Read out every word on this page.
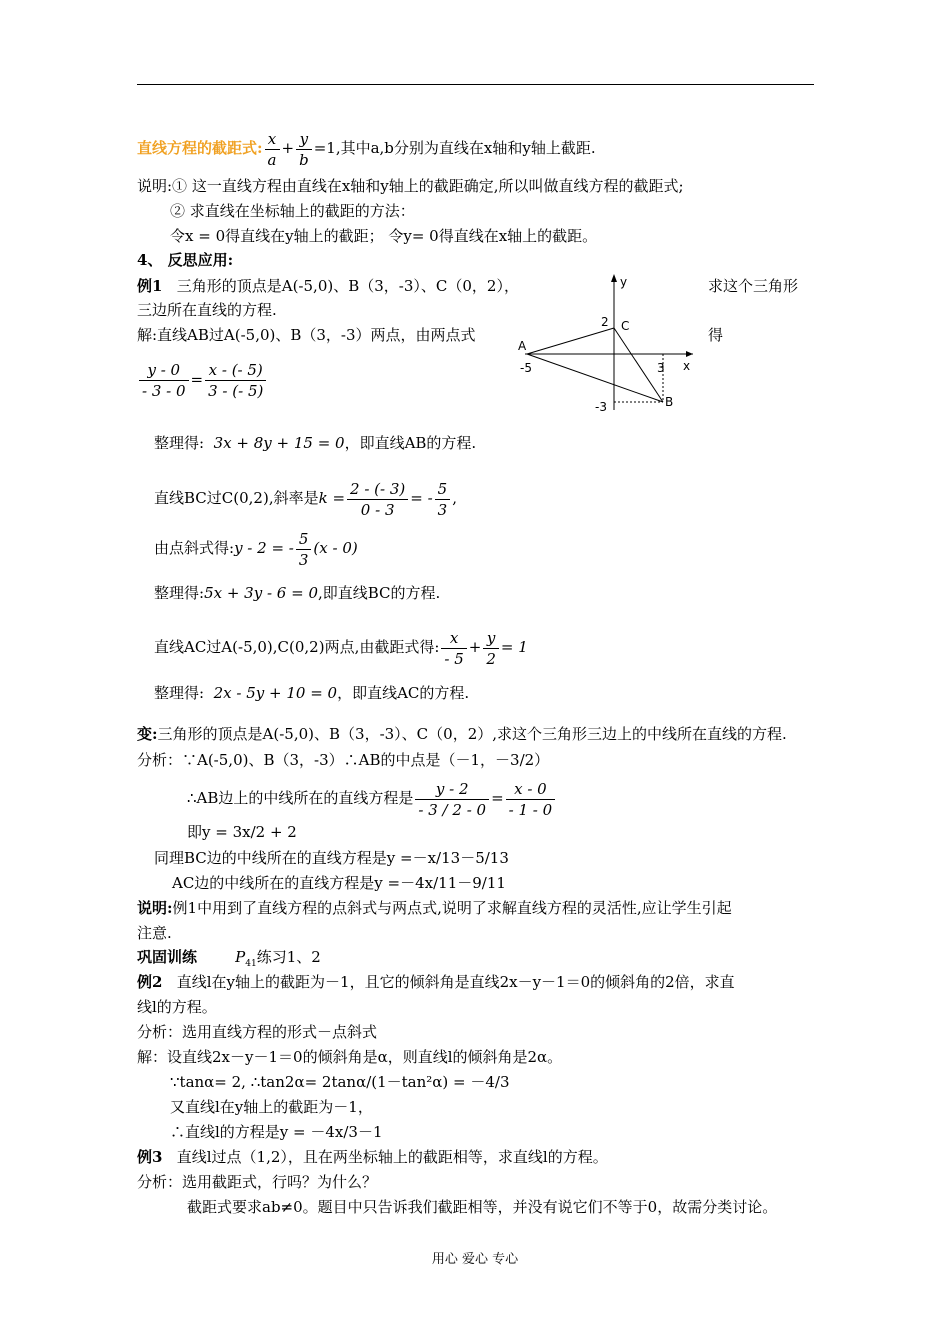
直线方程的截距式: $\frac{x}{a} + \frac{y}{b} =1$,其中a,b分别为直线在x轴和y轴上截距.
说明:① 这一直线方程由直线在x轴和y轴上的截距确定,所以叫做直线方程的截距式;
② 求直线在坐标轴上的截距的方法：
令x = 0得直线在y轴上的截距； 令y= 0得直线在x轴上的截距。
4、 反思应用:
例1 三角形的顶点是A(-5,0)、B（3，-3）、C（0，2），	求这个三角形
三边所在直线的方程.
解:直线AB过A(-5,0)、B（3，-3）两点，由两点式	得
y
x
A
C
B
2
-5	3
-3
$\frac{y - 0}{- 3 - 0} = \frac{x - (- 5)}{3 - (- 5)}$
整理得: 3x + 8y + 15 = 0，即直线AB的方程.
直线BC过C(0,2),斜率是$k = \frac{2 - (- 3)}{0 - 3}$ = - $\frac{5}{3}$ ,
由点斜式得:y - 2 = - $\frac{5}{3} (x - 0)$
整理得:5x + 3y - 6 = 0,即直线BC的方程.
直线AC过A(-5,0),C(0,2)两点,由截距式得: $\frac{x}{- 5} + \frac{y}{2} = 1$
整理得: 2x - 5y + 10 = 0，即直线AC的方程.
变:三角形的顶点是A(-5,0)、B（3，-3）、C（0，2）,求这个三角形三边上的中线所在直线的方程.
分析：∵A(-5,0)、B（3，-3）∴AB的中点是（－1，－3/2）
∴AB边上的中线所在的直线方程是 $\frac{y - 2}{- 3 / 2 - 0} = \frac{x - 0}{- 1 - 0}$
即y = 3x/2 + 2
同理BC边的中线所在的直线方程是y =－x/13－5/13
AC边的中线所在的直线方程是y =－4x/11－9/11
说明:例1中用到了直线方程的点斜式与两点式,说明了求解直线方程的灵活性,应让学生引起
注意.
巩固训练	$P_{41}$练习1、2
例2 直线l在y轴上的截距为－1，且它的倾斜角是直线2x－y－1＝0的倾斜角的2倍，求直
线l的方程。
分析：选用直线方程的形式－点斜式
解：设直线2x－y－1＝0的倾斜角是α，则直线l的倾斜角是2α。
∵tanα= 2, ∴tan2α= 2tanα/(1－tan²α) = －4/3
又直线l在y轴上的截距为－1，
∴直线l的方程是y = －4x/3－1
例3 直线l过点（1,2），且在两坐标轴上的截距相等，求直线l的方程。
分析：选用截距式，行吗？为什么？
截距式要求ab≠0。题目中只告诉我们截距相等，并没有说它们不等于0，故需分类讨论。
用心 爱心 专心
